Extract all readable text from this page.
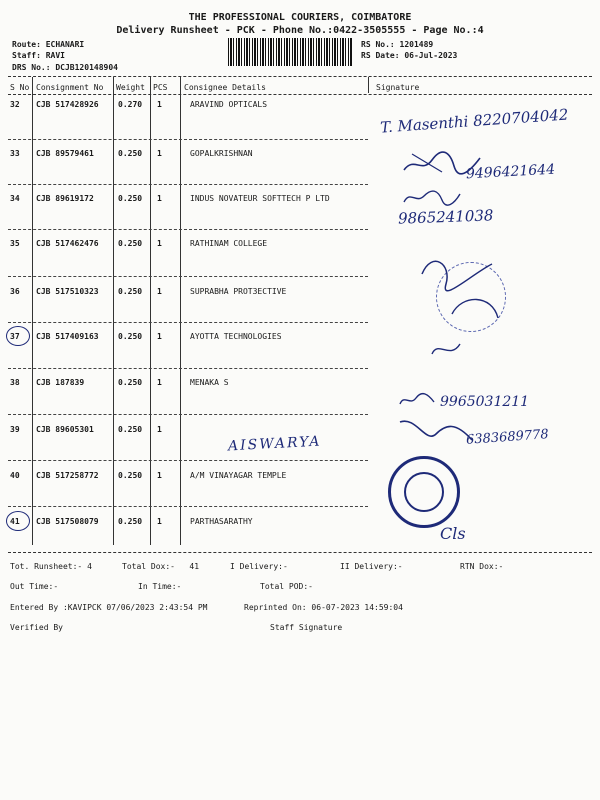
THE PROFESSIONAL COURIERS, COIMBATORE
Delivery Runsheet - PCK - Phone No.:0422-3505555 - Page No.:4
Route: ECHANARI
Staff: RAVI
DRS No.: DCJB120148904
RS No.: 1201489
RS Date: 06-Jul-2023
S No Consignment No Weight PCS Consignee Details	Signature
32 CJB 517428926 0.270 1	ARAVIND OPTICALS
33 CJB 89579461	0.250 1	GOPALKRISHNAN
34 CJB 89619172	0.250 1	INDUS NOVATEUR SOFTTECH P LTD
35 CJB 517462476 0.250 1	RATHINAM COLLEGE
36 CJB 517510323 0.250 1	SUPRABHA PROT3ECTIVE
37 CJB 517409163 0.250 1	AYOTTA TECHNOLOGIES
38 CJB 187839	0.250 1	MENAKA S
39 CJB 89605301	0.250 1
40 CJB 517258772 0.250 1	A/M VINAYAGAR TEMPLE
41 CJB 517508079 0.250 1	PARTHASARATHY
T. Masenthi 8220704042
9496421644
9865241038
9965031211
6383689778
AISWARYA
Cls
Tot. Runsheet:- 4	Total Dox:-   41	I Delivery:-	II Delivery:-	RTN Dox:-
Out Time:-	In Time:-	Total POD:-
Entered By :KAVIPCK 07/06/2023 2:43:54 PM	Reprinted On: 06-07-2023 14:59:04
Verified By	Staff Signature
